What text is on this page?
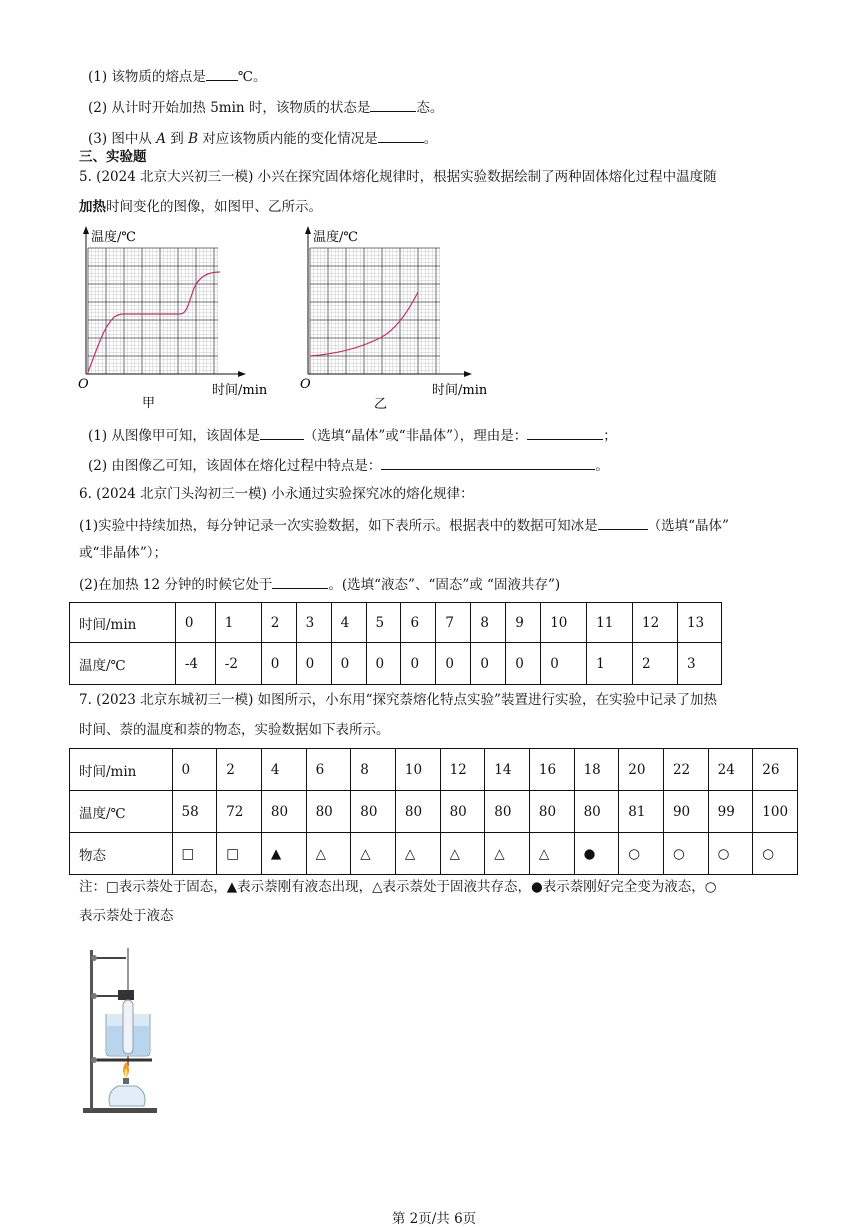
(1) 该物质的熔点是 ℃。
(2) 从计时开始加热 5min 时，该物质的状态是	态。
(3) 图中从 A 到 B 对应该物质内能的变化情况是	。
三、实验题
5. (2024 北京大兴初三一模) 小兴在探究固体熔化规律时，根据实验数据绘制了两种固体熔化过程中温度随
加热时间变化的图像，如图甲、乙所示。
温度/℃
O	时间/min
甲
温度/℃
O	时间/min
乙
(1) 从图像甲可知，该固体是	（选填“晶体”或“非晶体”），理由是：	；
(2) 由图像乙可知，该固体在熔化过程中特点是：	。
6. (2024 北京门头沟初三一模) 小永通过实验探究冰的熔化规律：
(1)实验中持续加热，每分钟记录一次实验数据，如下表所示。根据表中的数据可知冰是	（选填“晶体”
或“非晶体”）；
(2)在加热 12 分钟的时候它处于	。(选填“液态”、“固态”或 “固液共存”)
时间/min	0	1	2	3	4	5	6	7	8	9	10	11	12	13
温度/℃	-4	-2	0	0	0	0	0	0	0	0	0	1	2	3
7. (2023 北京东城初三一模) 如图所示，小东用“探究萘熔化特点实验”装置进行实验，在实验中记录了加热
时间、萘的温度和萘的物态，实验数据如下表所示。
时间/min	0	2	4	6	8	10	12	14	16	18	20	22	24	26
温度/℃	58	72	80	80	80	80	80	80	80	80	81	90	99	100
物态	□	□	▲	△	△	△	△	△	△	●	○	○	○	○
注：□表示萘处于固态，▲表示萘刚有液态出现，△表示萘处于固液共存态，●表示萘刚好完全变为液态，○
表示萘处于液态
第 2页/共 6页
